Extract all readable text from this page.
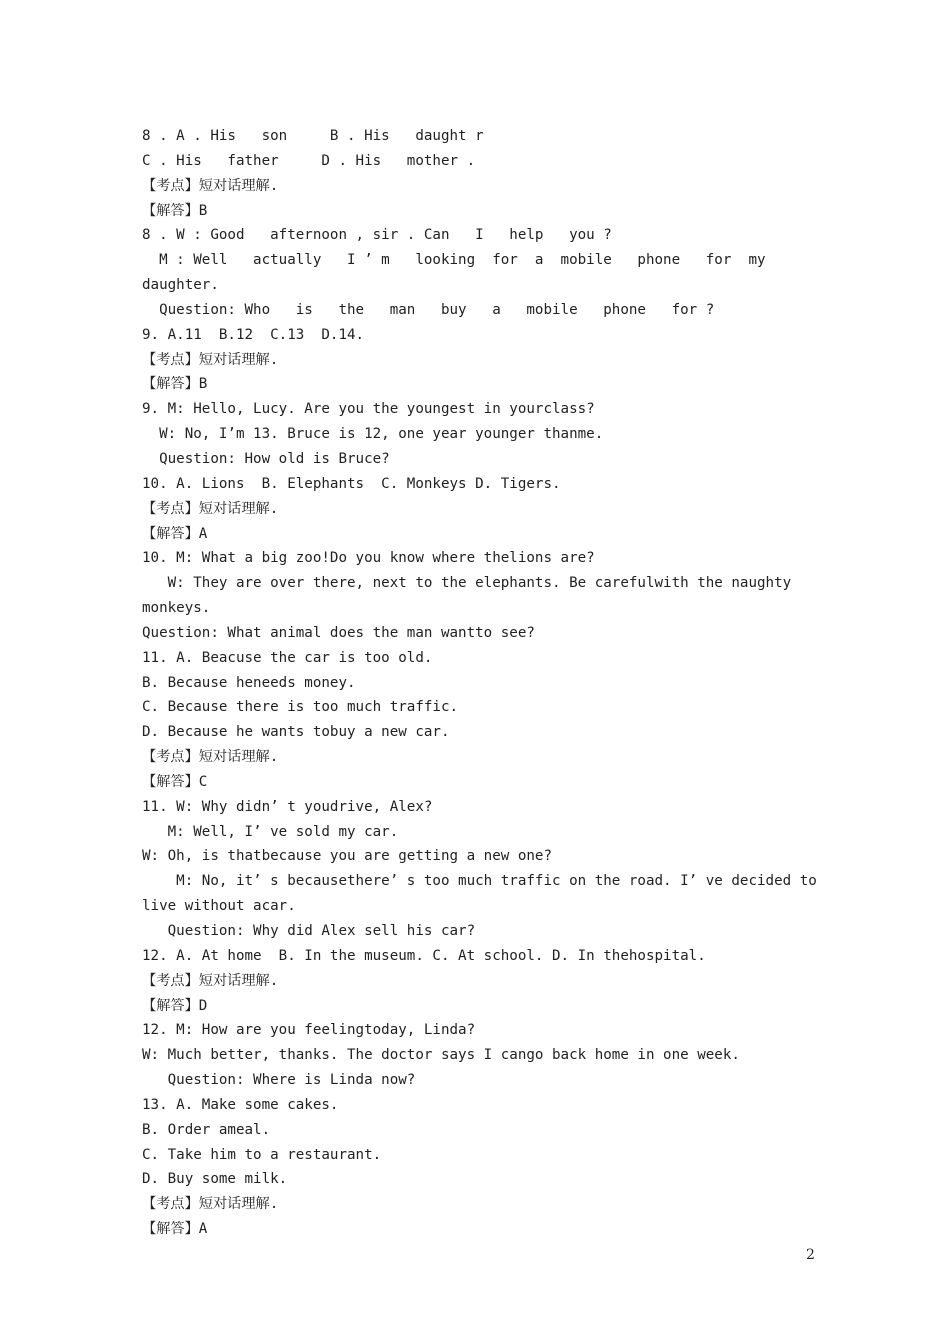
8 . A . His   son     B . His   daught r
C . His   father     D . His   mother .
【考点】短对话理解.
【解答】B
8 . W : Good   afternoon , sir . Can   I   help   you ?
M : Well   actually   I ’ m   looking  for  a  mobile   phone   for  my
daughter.
Question: Who   is   the   man   buy   a   mobile   phone   for ?
9. A.11  B.12  C.13  D.14.
【考点】短对话理解.
【解答】B
9. M: Hello, Lucy. Are you the youngest in yourclass?
W: No, I’m 13. Bruce is 12, one year younger thanme.
Question: How old is Bruce?
10. A. Lions  B. Elephants  C. Monkeys D. Tigers.
【考点】短对话理解.
【解答】A
10. M: What a big zoo!Do you know where thelions are?
W: They are over there, next to the elephants. Be carefulwith the naughty
monkeys.
Question: What animal does the man wantto see?
11. A. Beacuse the car is too old.
B. Because heneeds money.
C. Because there is too much traffic.
D. Because he wants tobuy a new car.
【考点】短对话理解.
【解答】C
11. W: Why didn’ t youdrive, Alex?
M: Well, I’ ve sold my car.
W: Oh, is thatbecause you are getting a new one?
M: No, it’ s becausethere’ s too much traffic on the road. I’ ve decided to
live without acar.
Question: Why did Alex sell his car?
12. A. At home  B. In the museum. C. At school. D. In thehospital.
【考点】短对话理解.
【解答】D
12. M: How are you feelingtoday, Linda?
W: Much better, thanks. The doctor says I cango back home in one week.
Question: Where is Linda now?
13. A. Make some cakes.
B. Order ameal.
C. Take him to a restaurant.
D. Buy some milk.
【考点】短对话理解.
【解答】A
2
